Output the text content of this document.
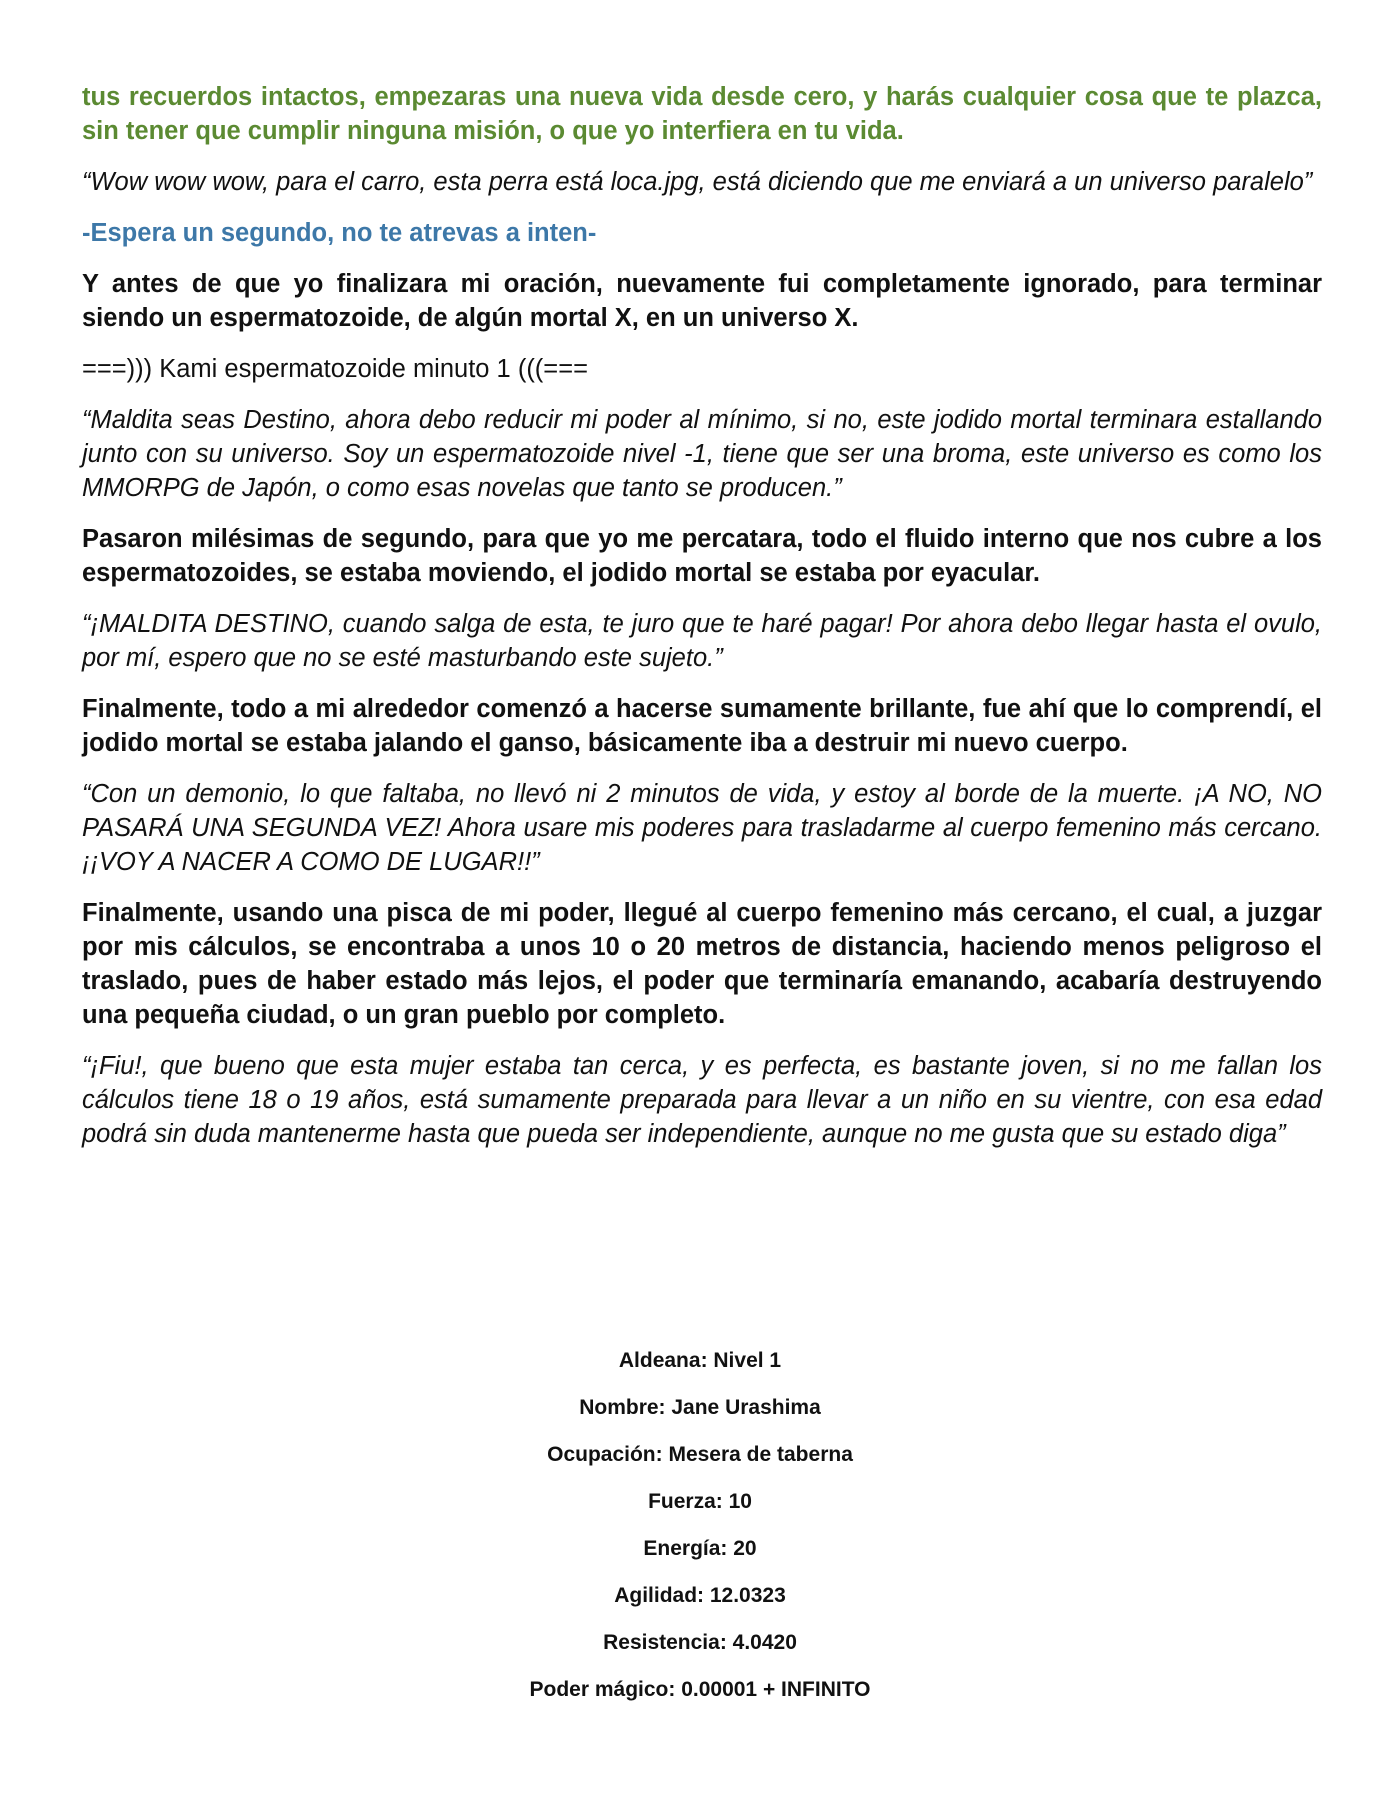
tus recuerdos intactos, empezaras una nueva vida desde cero, y harás cualquier cosa que te plazca, sin tener que cumplir ninguna misión, o que yo interfiera en tu vida.

“Wow wow wow, para el carro, esta perra está loca.jpg, está diciendo que me enviará a un universo paralelo”

-Espera un segundo, no te atrevas a inten-

Y antes de que yo finalizara mi oración, nuevamente fui completamente ignorado, para terminar siendo un espermatozoide, de algún mortal X, en un universo X.

===))) Kami espermatozoide minuto 1 (((===

“Maldita seas Destino, ahora debo reducir mi poder al mínimo, si no, este jodido mortal terminara estallando junto con su universo. Soy un espermatozoide nivel -1, tiene que ser una broma, este universo es como los MMORPG de Japón, o como esas novelas que tanto se producen.”

Pasaron milésimas de segundo, para que yo me percatara, todo el fluido interno que nos cubre a los espermatozoides, se estaba moviendo, el jodido mortal se estaba por eyacular.

“¡MALDITA DESTINO, cuando salga de esta, te juro que te haré pagar! Por ahora debo llegar hasta el ovulo, por mí, espero que no se esté masturbando este sujeto.”

Finalmente, todo a mi alrededor comenzó a hacerse sumamente brillante, fue ahí que lo comprendí, el jodido mortal se estaba jalando el ganso, básicamente iba a destruir mi nuevo cuerpo.

“Con un demonio, lo que faltaba, no llevó ni 2 minutos de vida, y estoy al borde de la muerte. ¡A NO, NO PASARÁ UNA SEGUNDA VEZ! Ahora usare mis poderes para trasladarme al cuerpo femenino más cercano. ¡¡VOY A NACER A COMO DE LUGAR!!”

Finalmente, usando una pisca de mi poder, llegué al cuerpo femenino más cercano, el cual, a juzgar por mis cálculos, se encontraba a unos 10 o 20 metros de distancia, haciendo menos peligroso el traslado, pues de haber estado más lejos, el poder que terminaría emanando, acabaría destruyendo una pequeña ciudad, o un gran pueblo por completo.

“¡Fiu!, que bueno que esta mujer estaba tan cerca, y es perfecta, es bastante joven, si no me fallan los cálculos tiene 18 o 19 años, está sumamente preparada para llevar a un niño en su vientre, con esa edad podrá sin duda mantenerme hasta que pueda ser independiente, aunque no me gusta que su estado diga”

Aldeana: Nivel 1

Nombre: Jane Urashima

Ocupación: Mesera de taberna

Fuerza: 10

Energía: 20

Agilidad: 12.0323

Resistencia: 4.0420

Poder mágico: 0.00001 + INFINITO
